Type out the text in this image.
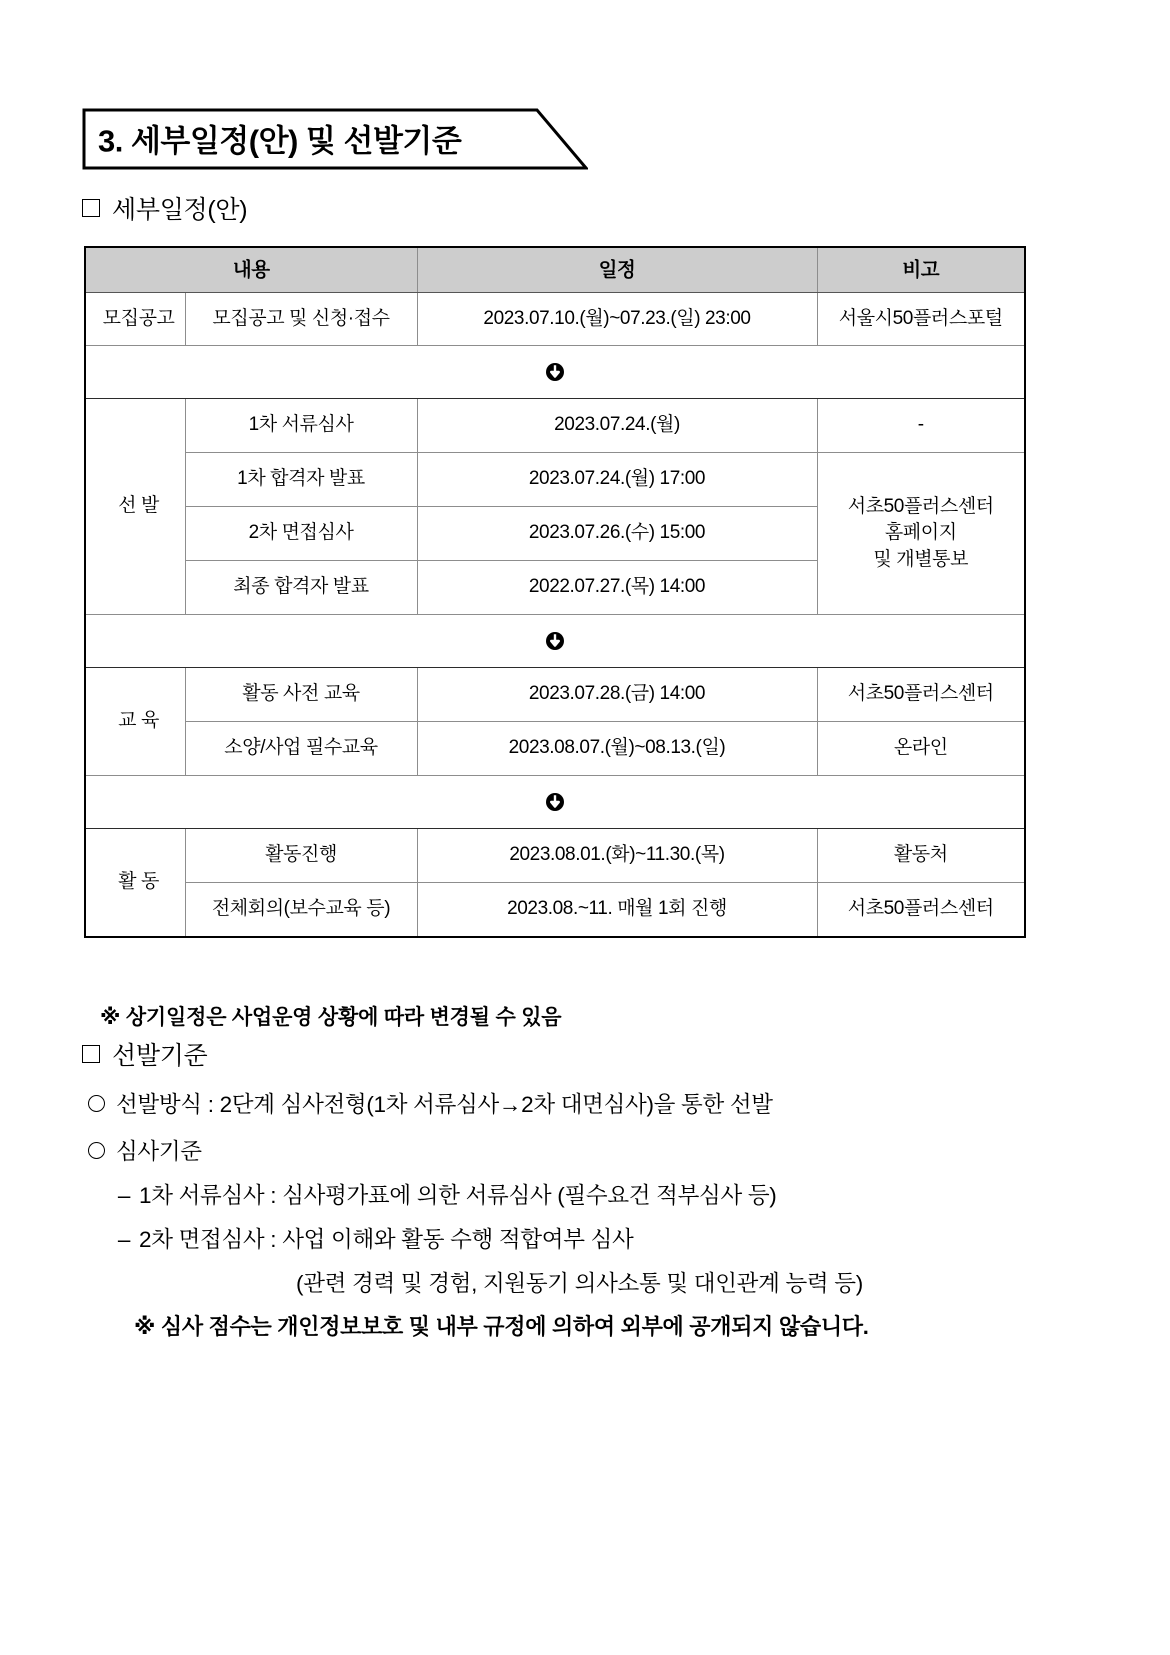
3. 세부일정(안) 및 선발기준
세부일정(안)
내용		일정	비고
모집공고	모집공고 및 신청·접수	2023.07.10.(월)~07.23.(일) 23:00	서울시50플러스포털

선 발	1차 서류심사	2023.07.24.(월)	-
	1차 합격자 발표	2023.07.24.(월) 17:00	서초50플러스센터
홈페이지
및 개별통보
	2차 면접심사	2023.07.26.(수) 15:00	
	최종 합격자 발표	2022.07.27.(목) 14:00	

교 육	활동 사전 교육	2023.07.28.(금) 14:00	서초50플러스센터
	소양/사업 필수교육	2023.08.07.(월)~08.13.(일)	온라인

활 동	활동진행	2023.08.01.(화)~11.30.(목)	활동처
	전체회의(보수교육 등)	2023.08.~11. 매월 1회 진행	서초50플러스센터
※ 상기일정은 사업운영 상황에 따라 변경될 수 있음
선발기준
선발방식 : 2단계 심사전형(1차 서류심사→2차 대면심사)을 통한 선발
심사기준
– 1차 서류심사 : 심사평가표에 의한 서류심사 (필수요건 적부심사 등)
– 2차 면접심사 : 사업 이해와 활동 수행 적합여부 심사
(관련 경력 및 경험, 지원동기 의사소통 및 대인관계 능력 등)
※ 심사 점수는 개인정보보호 및 내부 규정에 의하여 외부에 공개되지 않습니다.
